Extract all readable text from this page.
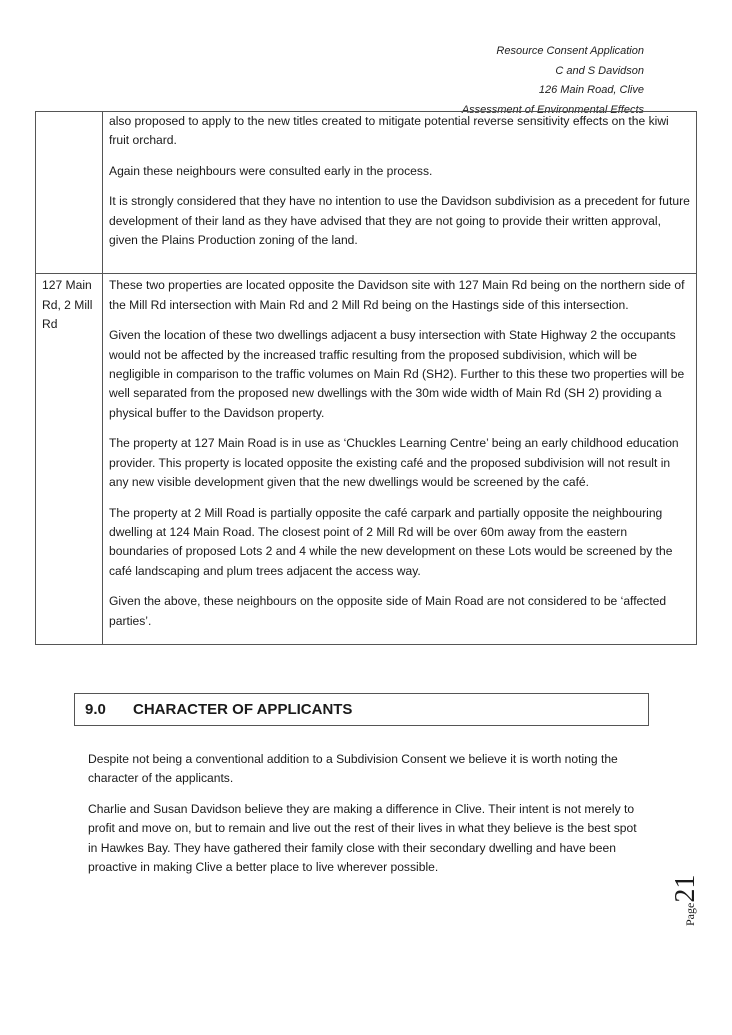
Resource Consent Application
C and S Davidson
126 Main Road, Clive
Assessment of Environmental Effects

	also proposed to apply to the new titles created to mitigate potential reverse sensitivity effects on the kiwi fruit orchard.

Again these neighbours were consulted early in the process.

It is strongly considered that they have no intention to use the Davidson subdivision as a precedent for future development of their land as they have advised that they are not going to provide their written approval, given the Plains Production zoning of the land.

127 Main Rd, 2 Mill Rd	These two properties are located opposite the Davidson site with 127 Main Rd being on the northern side of the Mill Rd intersection with Main Rd and 2 Mill Rd being on the Hastings side of this intersection.

Given the location of these two dwellings adjacent a busy intersection with State Highway 2 the occupants would not be affected by the increased traffic resulting from the proposed subdivision, which will be negligible in comparison to the traffic volumes on Main Rd (SH2). Further to this these two properties will be well separated from the proposed new dwellings with the 30m wide width of Main Rd (SH 2) providing a physical buffer to the Davidson property.

The property at 127 Main Road is in use as ‘Chuckles Learning Centre’ being an early childhood education provider. This property is located opposite the existing café and the proposed subdivision will not result in any new visible development given that the new dwellings would be screened by the café.

The property at 2 Mill Road is partially opposite the café carpark and partially opposite the neighbouring dwelling at 124 Main Road. The closest point of 2 Mill Rd will be over 60m away from the eastern boundaries of proposed Lots 2 and 4 while the new development on these Lots would be screened by the café landscaping and plum trees adjacent the access way.

Given the above, these neighbours on the opposite side of Main Road are not considered to be ‘affected parties’.

9.0	CHARACTER OF APPLICANTS

Despite not being a conventional addition to a Subdivision Consent we believe it is worth noting the character of the applicants.

Charlie and Susan Davidson believe they are making a difference in Clive. Their intent is not merely to profit and move on, but to remain and live out the rest of their lives in what they believe is the best spot in Hawkes Bay. They have gathered their family close with their secondary dwelling and have been proactive in making Clive a better place to live wherever possible.

Page21
